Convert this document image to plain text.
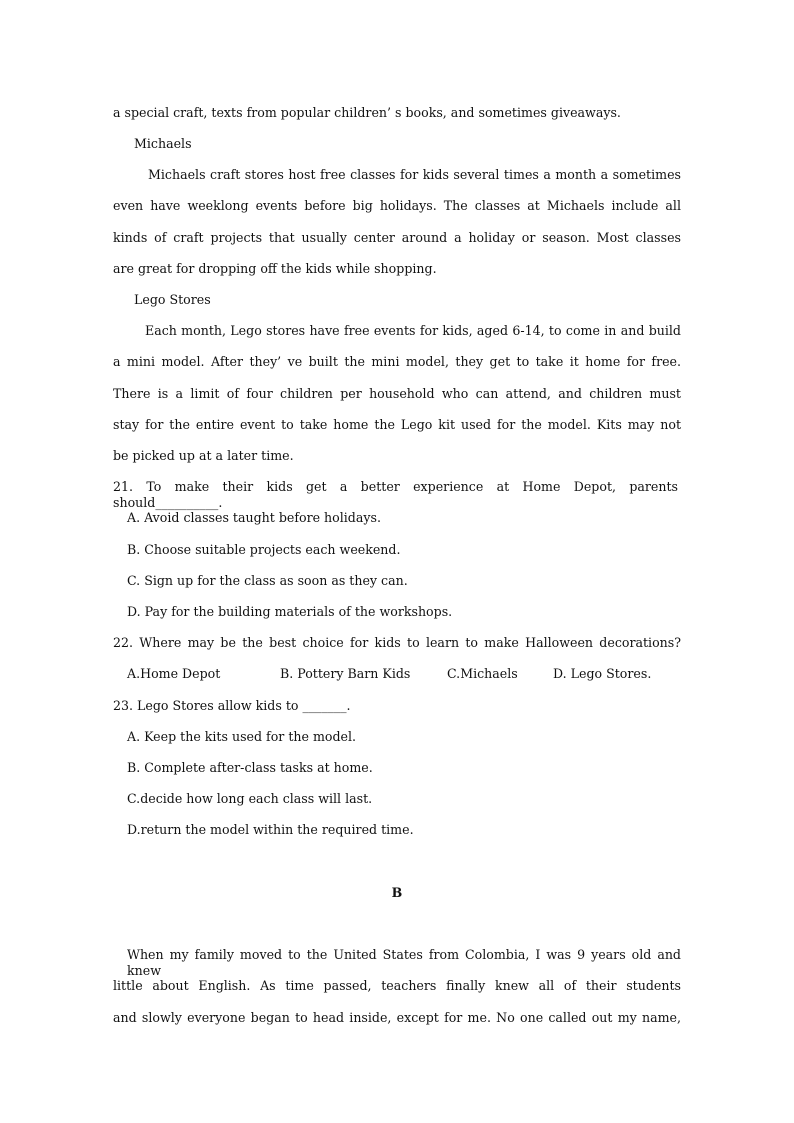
a special craft, texts from popular children’ s books, and sometimes giveaways.
Michaels
Michaels craft stores host free classes for kids several times a month a sometimes
even have weeklong events before big holidays. The classes at Michaels include all
kinds of craft projects that usually center around a holiday or season. Most classes
are great for dropping off the kids while shopping.
Lego Stores
Each month, Lego stores have free events for kids, aged 6-14, to come in and build
a mini model. After they’ ve built the mini model, they get to take it home for free.
There is a limit of four children per household who can attend, and children must
stay for the entire event to take home the Lego kit used for the model. Kits may not
be picked up at a later time.
21. To make their kids get a better experience at Home Depot, parents should__________.
A. Avoid classes taught before holidays.
B. Choose suitable projects each weekend.
C. Sign up for the class as soon as they can.
D. Pay for the building materials of the workshops.
22. Where may be the best choice for kids to learn to make Halloween decorations?
A.Home Depot	B. Pottery Barn Kids	C.Michaels	D. Lego Stores.
23. Lego Stores allow kids to _______.
A. Keep the kits used for the model.
B. Complete after-class tasks at home.
C.decide how long each class will last.
D.return the model within the required time.
B
When my family moved to the United States from Colombia, I was 9 years old and knew
little about English. As time passed, teachers finally knew all of their students
and slowly everyone began to head inside, except for me. No one called out my name,
